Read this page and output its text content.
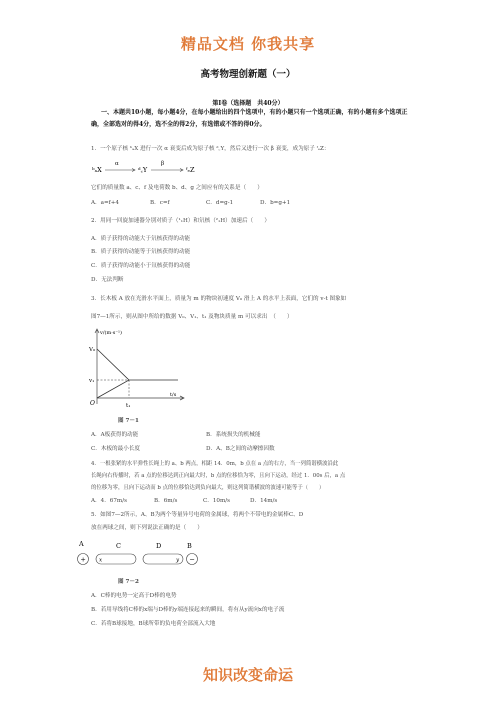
精品文档 你我共享
高考物理创新题（一）
第Ⅰ卷（选择题　共40分）
一、本题共10小题，每小题4分，在每小题给出的四个选项中，有的小题只有一个选项正确，有的小题有多个选项正确，全部选对的得4分，选不全的得2分，有选错或不答的得0分。
1．一个原子核 ᵇₐX 进行一次 α 衰变后成为原子核 ᵈ꜀Y，然后又进行一次 β 衰变，成为原子 ᶠₑZ：
ᵇₐX
α
ᵈ꜀Y
β
ᶠₑZ
它们的质量数 a、c、f 及电荷数 b、d、g 之间应有的关系是（　　）
A．a=f+4	B．c=f	C．d=g-1	D．b=g+1
2．用同一回旋加速器分别对质子（¹₁H）和氘核（²₁H）加速后（　　）
A．质子获得的动能大于氘核获得的动能
B．质子获得的动能等于氘核获得的动能
C．质子获得的动能小于氘核获得的动能
D．无法判断
3．长木板 A 放在光滑水平面上，质量为 m 的物块初速度 V₀ 滑上 A 的水平上表面，它们的 v-t 图象如
图7—1所示，则从图中所给的数据 V₀、V₁、t₁ 及物块质量 m 可以求出　（　　）
v/(m·s⁻¹)
V₀
v₁
O	t₁
t/s
图 7－1
A．A板获得的动能	B．系统损失的机械能
C．木板的最小长度	D．A、B之间的动摩擦因数
4．一根张紧的水平弹性长绳上的 a、b 两点，相距 14．0m，b 点在 a 点的右方，当一列简谐横波沿此
长绳向右传播时，若 a 点的位移达到正向最大时，b 点的位移恰为零，且向下运动，经过 1．00s 后，a 点
的位移为零，且向下运动而 b 点的位移恰达到负向最大，则这列简谐横波的波速可能等于（　　）
A．4．67m/s	B．6m/s	C．10m/s	D．14m/s
5．如图7—2所示，A、B为两个等量异号电荷的金属球，将两个不带电的金属棒C、D
放在两球之间，则下列说法正确的是（　　）
A	C	D	B
+ x	y −
图 7－2
A．C棒的电势一定高于D棒的电势
B．若用导线将C棒的x端与D棒的y端连接起来的瞬间，将有从y流向x的电子流
C．若将B球接地，B球所带的负电荷全部流入大地
知识改变命运
